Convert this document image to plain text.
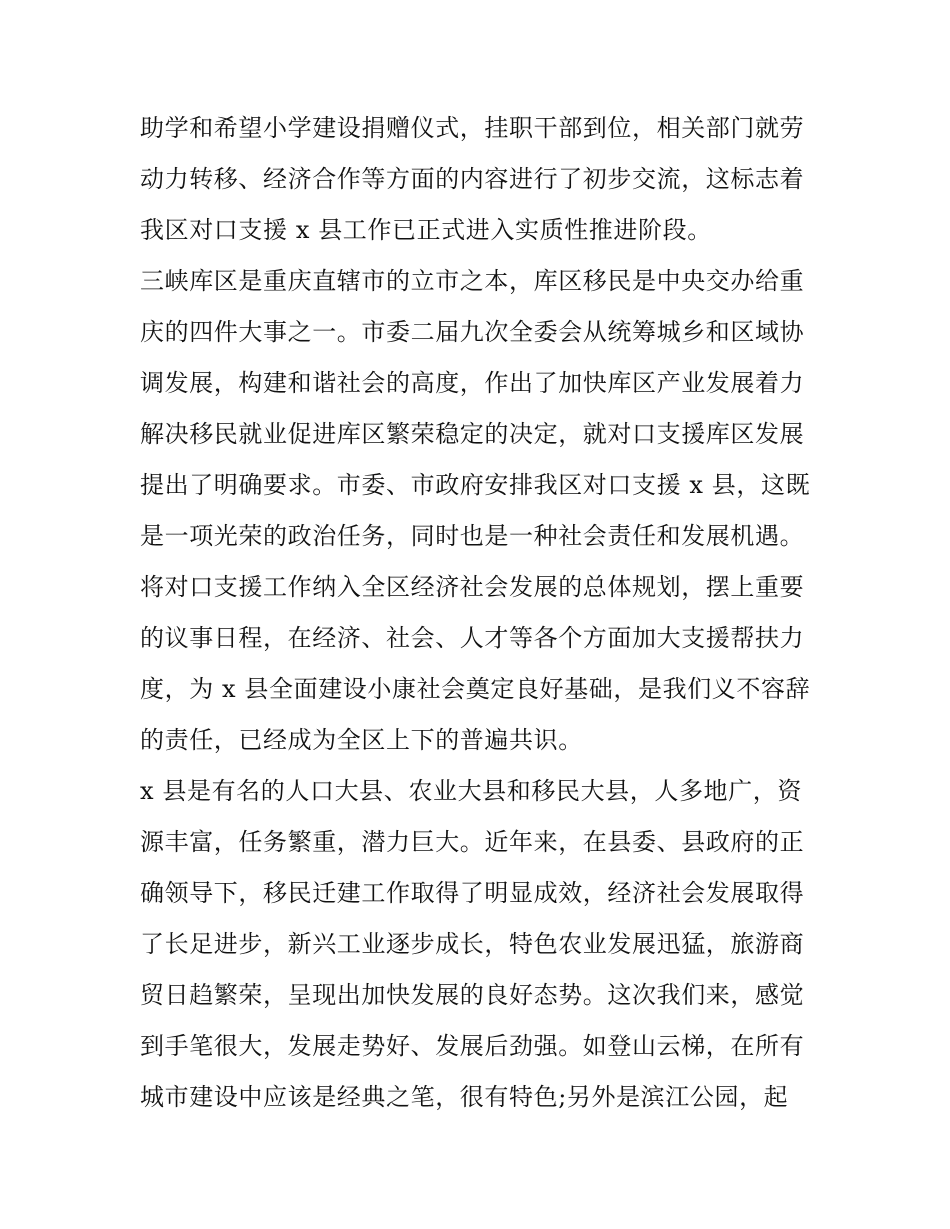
助学和希望小学建设捐赠仪式，挂职干部到位，相关部门就劳
动力转移、经济合作等方面的内容进行了初步交流，这标志着
我区对口支援 x 县工作已正式进入实质性推进阶段。
三峡库区是重庆直辖市的立市之本，库区移民是中央交办给重
庆的四件大事之一。市委二届九次全委会从统筹城乡和区域协
调发展，构建和谐社会的高度，作出了加快库区产业发展着力
解决移民就业促进库区繁荣稳定的决定，就对口支援库区发展
提出了明确要求。市委、市政府安排我区对口支援 x 县，这既
是一项光荣的政治任务，同时也是一种社会责任和发展机遇。
将对口支援工作纳入全区经济社会发展的总体规划，摆上重要
的议事日程，在经济、社会、人才等各个方面加大支援帮扶力
度，为 x 县全面建设小康社会奠定良好基础，是我们义不容辞
的责任，已经成为全区上下的普遍共识。
x 县是有名的人口大县、农业大县和移民大县，人多地广，资
源丰富，任务繁重，潜力巨大。近年来，在县委、县政府的正
确领导下，移民迁建工作取得了明显成效，经济社会发展取得
了长足进步，新兴工业逐步成长，特色农业发展迅猛，旅游商
贸日趋繁荣，呈现出加快发展的良好态势。这次我们来，感觉
到手笔很大，发展走势好、发展后劲强。如登山云梯，在所有
城市建设中应该是经典之笔，很有特色;另外是滨江公园，起
